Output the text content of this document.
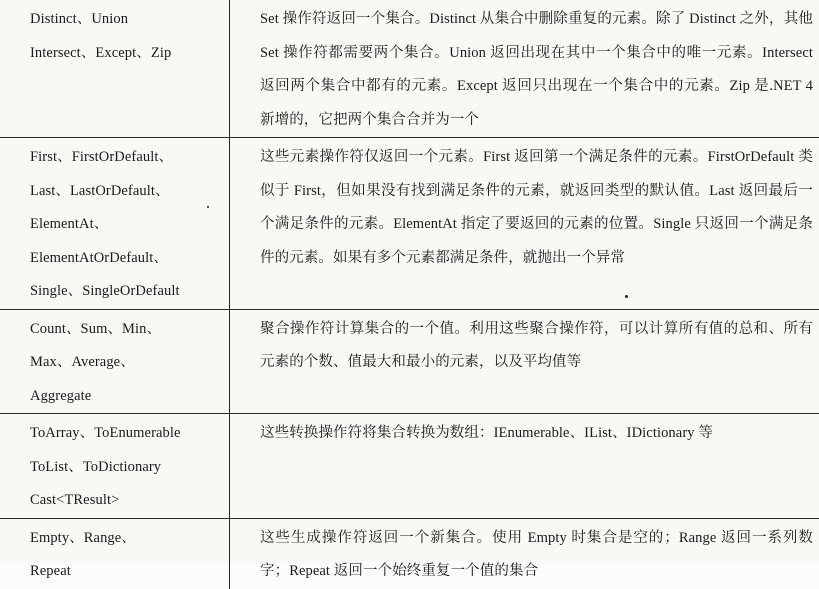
Distinct、Union
Intersect、Except、Zip	Set 操作符返回一个集合。Distinct 从集合中删除重复的元素。除了 Distinct 之外，其他 Set 操作符都需要两个集合。Union 返回出现在其中一个集合中的唯一元素。Intersect 返回两个集合中都有的元素。Except 返回只出现在一个集合中的元素。Zip 是.NET 4 新增的，它把两个集合合并为一个

First、FirstOrDefault、
Last、LastOrDefault、
ElementAt、
ElementAtOrDefault、
Single、SingleOrDefault	这些元素操作符仅返回一个元素。First 返回第一个满足条件的元素。FirstOrDefault 类似于 First，但如果没有找到满足条件的元素，就返回类型的默认值。Last 返回最后一个满足条件的元素。ElementAt 指定了要返回的元素的位置。Single 只返回一个满足条件的元素。如果有多个元素都满足条件，就抛出一个异常

Count、Sum、Min、
Max、Average、
Aggregate	聚合操作符计算集合的一个值。利用这些聚合操作符，可以计算所有值的总和、所有元素的个数、值最大和最小的元素，以及平均值等

ToArray、ToEnumerable
ToList、ToDictionary
Cast<TResult>	这些转换操作符将集合转换为数组：IEnumerable、IList、IDictionary 等

Empty、Range、
Repeat	这些生成操作符返回一个新集合。使用 Empty 时集合是空的；Range 返回一系列数字；Repeat 返回一个始终重复一个值的集合
